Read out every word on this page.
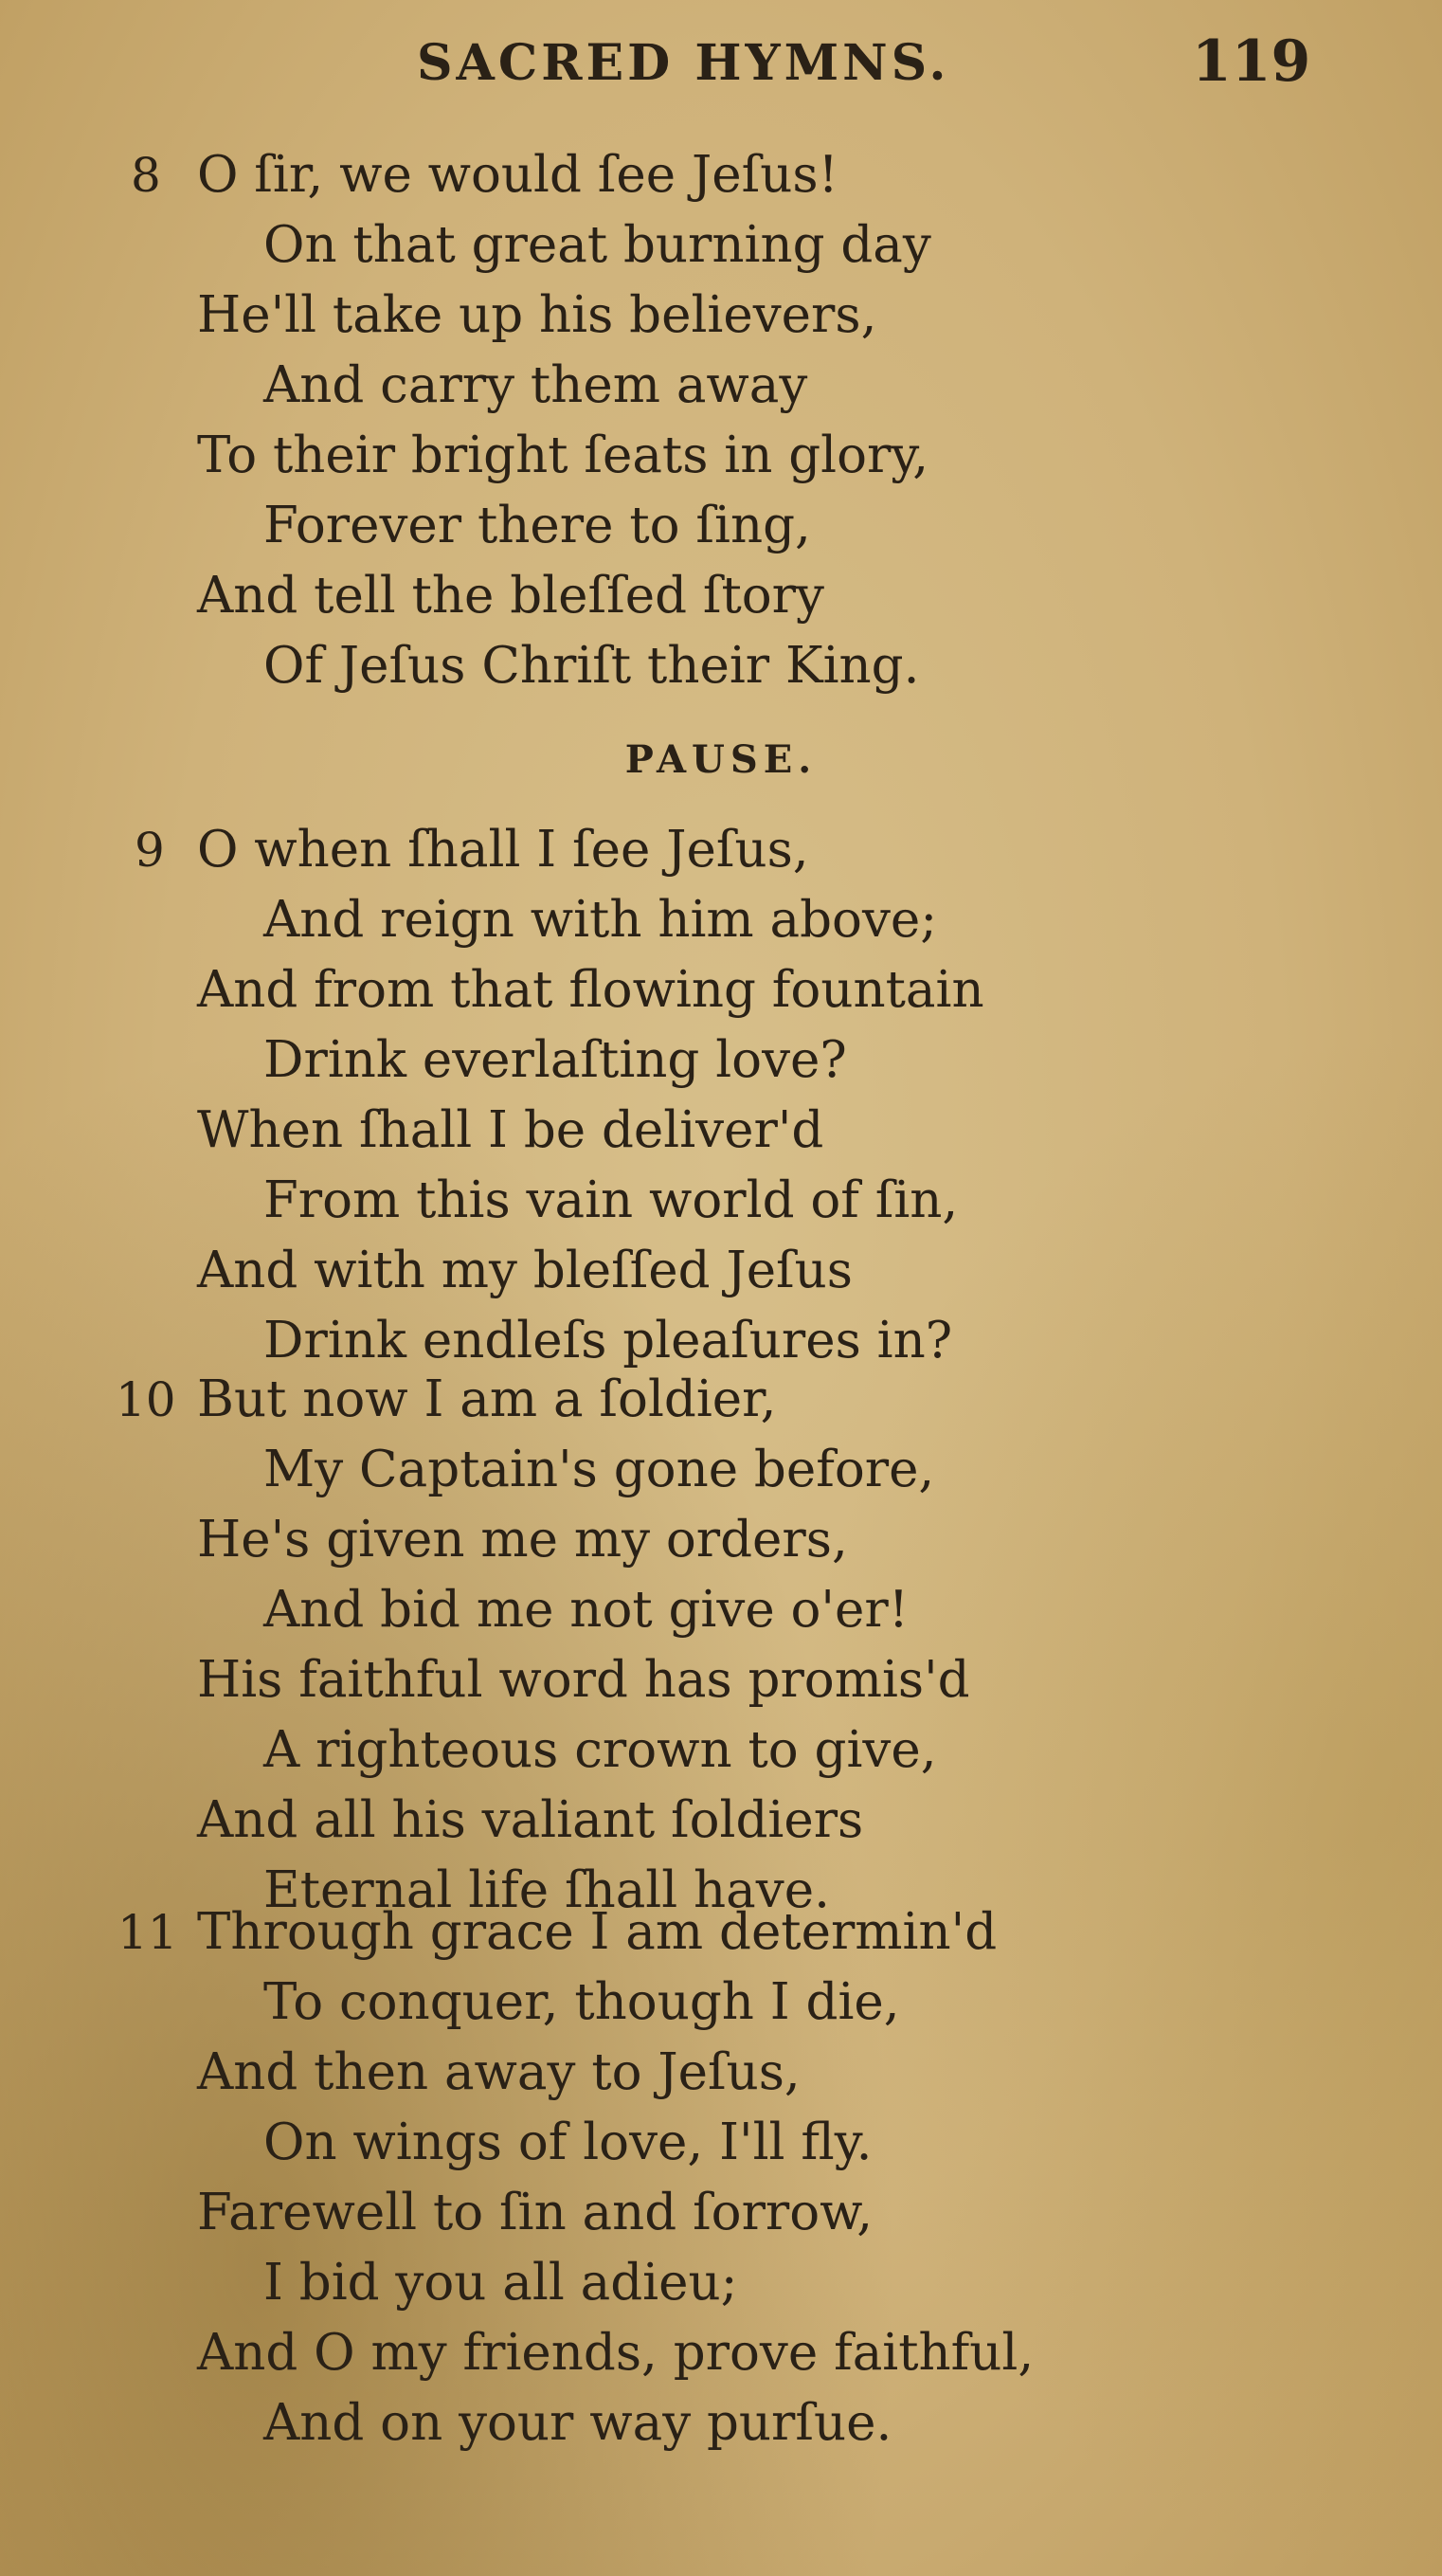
SACRED HYMNS.	119
8 O ſir, we would ſee Jeſus!
On that great burning day
He'll take up his believers,
And carry them away
To their bright ſeats in glory,
Forever there to ſing,
And tell the bleſſed ſtory
Of Jeſus Chriſt their King.
PAUSE.
9 O when ſhall I ſee Jeſus,
And reign with him above;
And from that flowing fountain
Drink everlaſting love?
When ſhall I be deliver'd
From this vain world of ſin,
And with my bleſſed Jeſus
Drink endleſs pleaſures in?
10 But now I am a ſoldier,
My Captain's gone before,
He's given me my orders,
And bid me not give o'er!
His faithful word has promis'd
A righteous crown to give,
And all his valiant ſoldiers
Eternal life ſhall have.
11 Through grace I am determin'd
To conquer, though I die,
And then away to Jeſus,
On wings of love, I'll fly.
Farewell to ſin and ſorrow,
I bid you all adieu;
And O my friends, prove faithful,
And on your way purſue.
